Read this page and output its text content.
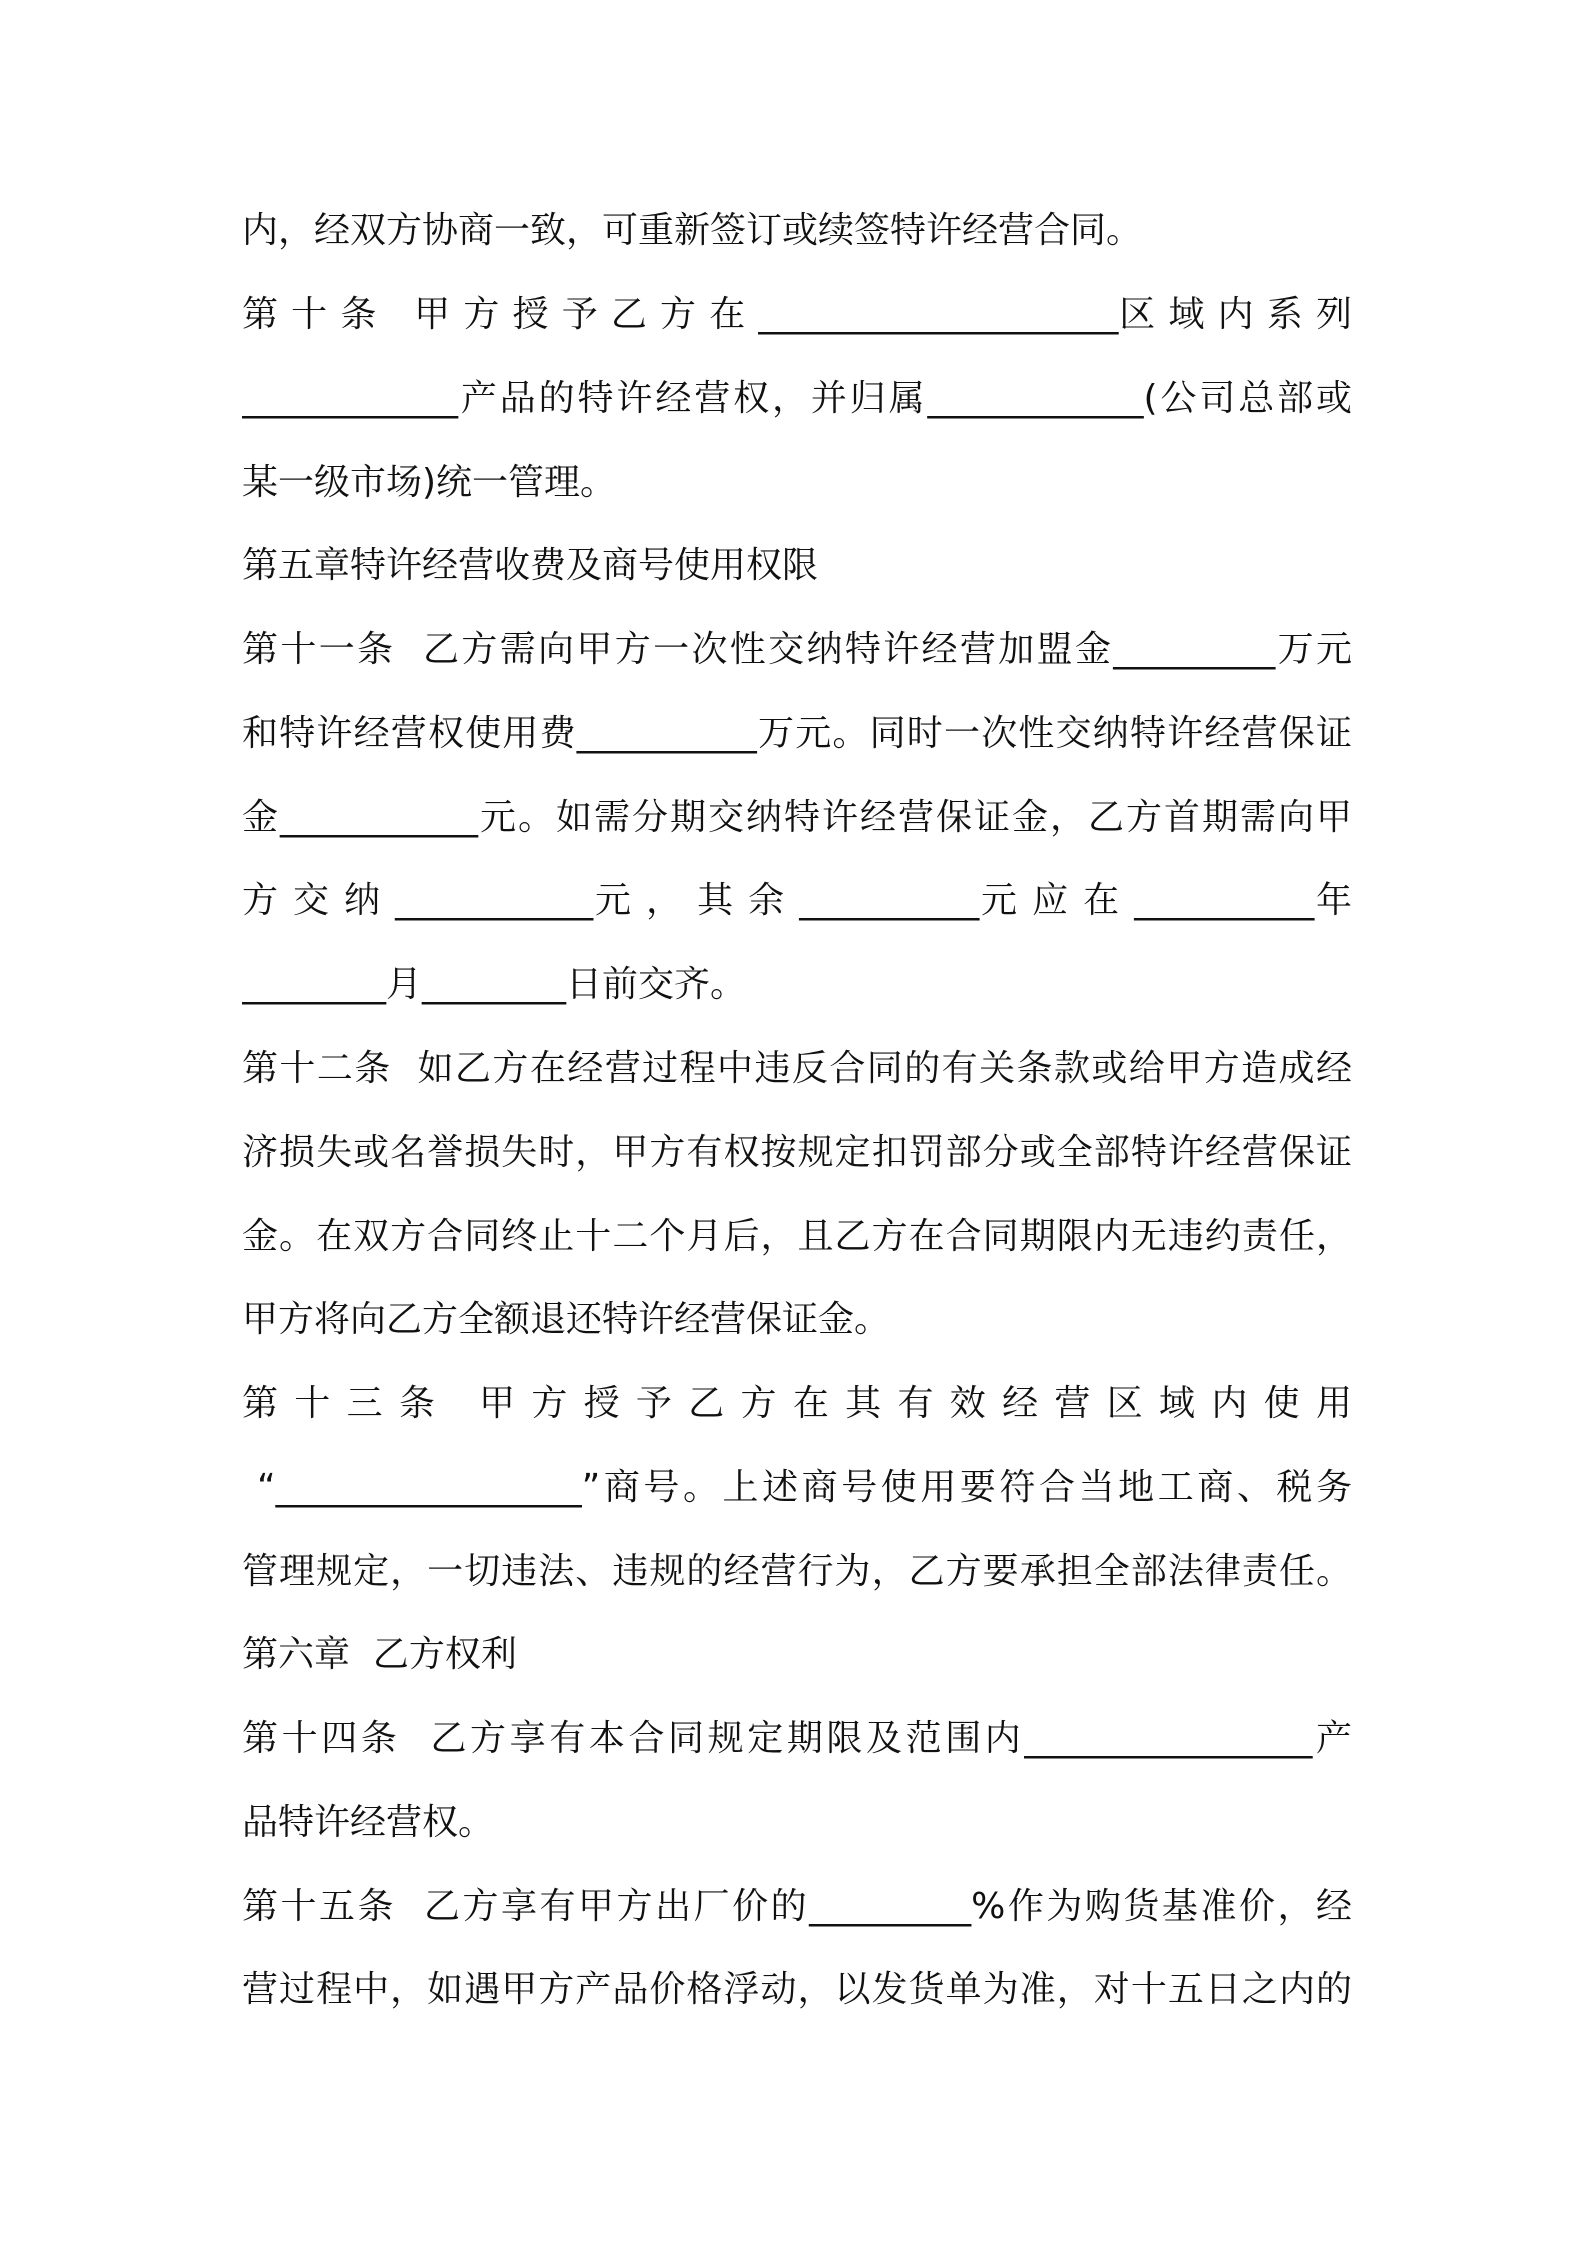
内，经双方协商一致，可重新签订或续签特许经营合同。
第 十 条   甲 方 授 予 乙 方 在 ____________________区 域 内 系 列
____________产品的特许经营权，并归属____________(公司总部或
某一级市场)统一管理。
第五章特许经营收费及商号使用权限
第十一条  乙方需向甲方一次性交纳特许经营加盟金_________万元
和特许经营权使用费__________万元。同时一次性交纳特许经营保证
金___________元。如需分期交纳特许经营保证金，乙方首期需向甲
方 交 纳 ___________元 ， 其 余 __________元 应 在 __________年
________月________日前交齐。
第十二条  如乙方在经营过程中违反合同的有关条款或给甲方造成经
济损失或名誉损失时，甲方有权按规定扣罚部分或全部特许经营保证
金。在双方合同终止十二个月后，且乙方在合同期限内无违约责任，
甲方将向乙方全额退还特许经营保证金。
第 十 三 条   甲 方 授 予 乙 方 在 其 有 效 经 营 区 域 内 使 用
“_________________”商号。上述商号使用要符合当地工商、税务
管理规定，一切违法、违规的经营行为，乙方要承担全部法律责任。
第六章  乙方权利
第十四条  乙方享有本合同规定期限及范围内________________产
品特许经营权。
第十五条  乙方享有甲方出厂价的_________%作为购货基准价，经
营过程中，如遇甲方产品价格浮动，以发货单为准，对十五日之内的
